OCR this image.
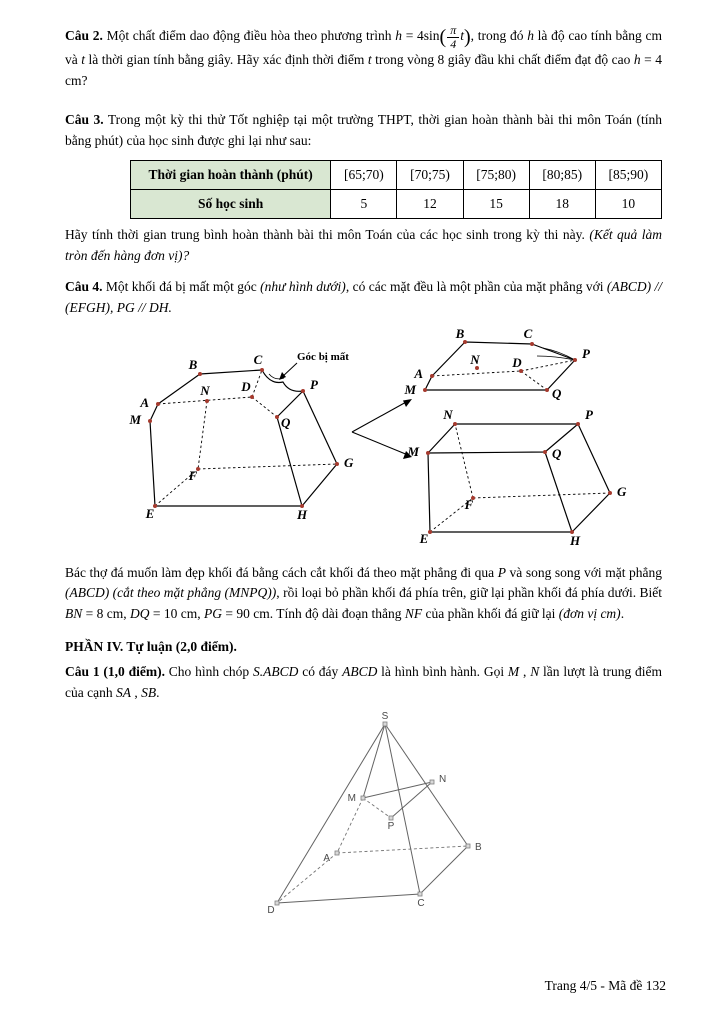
Câu 2. Một chất điểm dao động điều hòa theo phương trình $h = 4\sin( \frac{\pi}{4} t)$, trong đó h là độ cao tính bằng cm và t là thời gian tính bằng giây. Hãy xác định thời điểm t trong vòng 8 giây đầu khi chất điểm đạt độ cao h = 4 cm?

Câu 3. Trong một kỳ thi thử Tốt nghiệp tại một trường THPT, thời gian hoàn thành bài thi môn Toán (tính bằng phút) của học sinh được ghi lại như sau:

Thời gian hoàn thành (phút)	[65;70)	[70;75)	[75;80)	[80;85)	[85;90)
Số học sinh	5	12	15	18	10

Hãy tính thời gian trung bình hoàn thành bài thi môn Toán của các học sinh trong kỳ thi này. (Kết quả làm tròn đến hàng đơn vị)?

Câu 4. Một khối đá bị mất một góc (như hình dưới), có các mặt đều là một phần của mặt phẳng với (ABCD) // (EFGH), PG // DH.

A
B	C
D
E
F
G
H
M
N	P
Q
Góc bị mất
B	C
P
A
N	D
M	Q
N	P
M	Q
G
F
E	H

Bác thợ đá muốn làm đẹp khối đá bằng cách cắt khối đá theo mặt phẳng đi qua P và song song với mặt phẳng (ABCD) (cắt theo mặt phẳng (MNPQ)), rồi loại bỏ phần khối đá phía trên, giữ lại phần khối đá phía dưới. Biết BN = 8 cm, DQ = 10 cm, PG = 90 cm. Tính độ dài đoạn thẳng NF của phần khối đá giữ lại (đơn vị cm).

PHẦN IV. Tự luận (2,0 điểm).

Câu 1 (1,0 điểm). Cho hình chóp S.ABCD có đáy ABCD là hình bình hành. Gọi M , N lần lượt là trung điểm của cạnh SA , SB.

S
M
N
P
A
B
C
D
Trang 4/5 - Mã đề 132
